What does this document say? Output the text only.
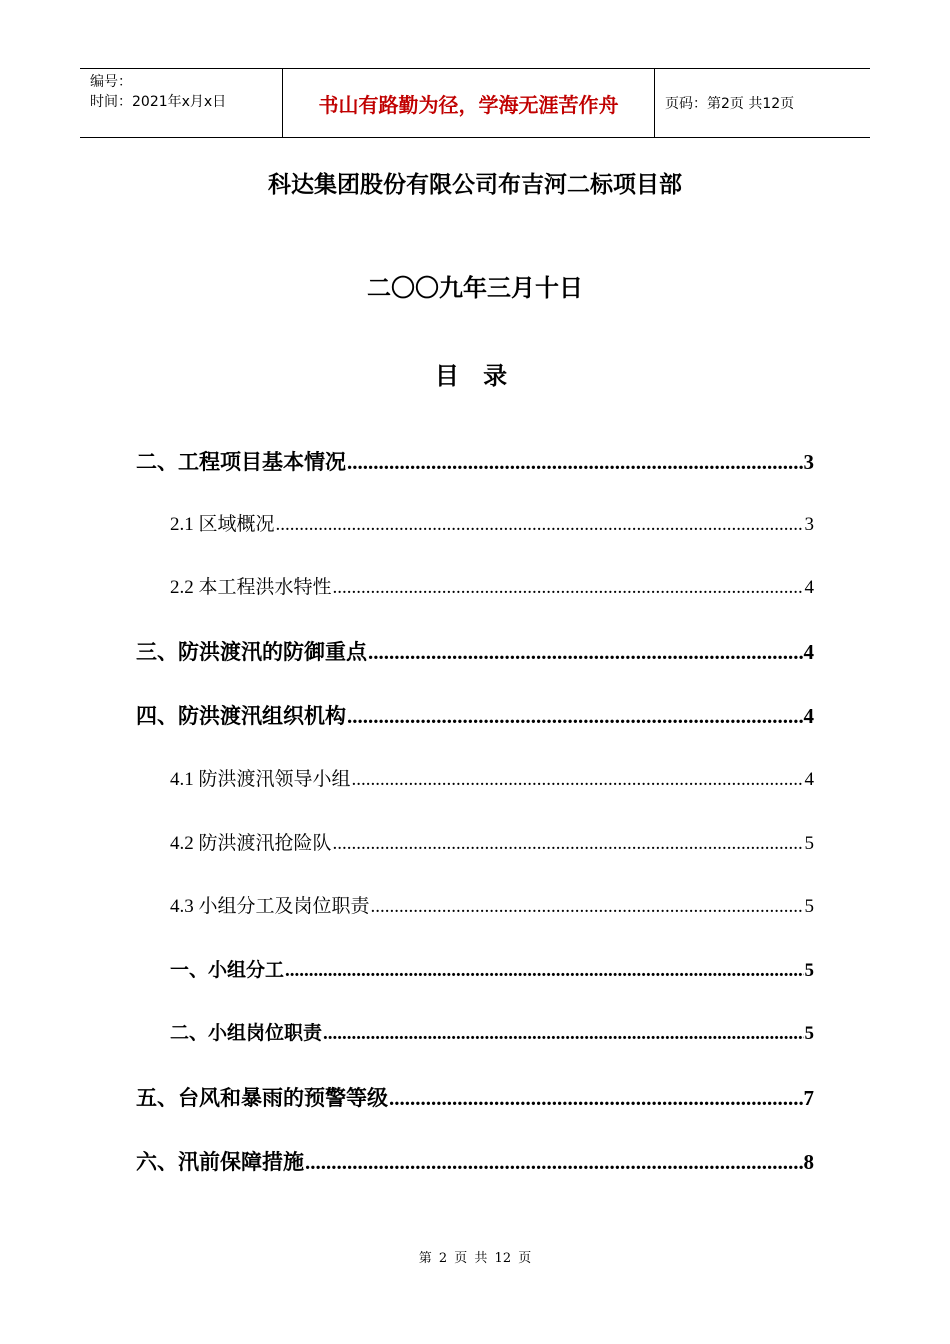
编号：
时间：2021年x月x日	书山有路勤为径，学海无涯苦作舟	页码：第2页 共12页
科达集团股份有限公司布吉河二标项目部
二〇〇九年三月十日
目 录
二、工程项目基本情况 .....	3
2.1 区域概况 .....	3
2.2 本工程洪水特性 .....	4
三、防洪渡汛的防御重点 .....	4
四、防洪渡汛组织机构 .....	4
4.1 防洪渡汛领导小组 .....	4
4.2 防洪渡汛抢险队 .....	5
4.3 小组分工及岗位职责 .....	5
一、小组分工 .....	5
二、小组岗位职责 .....	5
五、台风和暴雨的预警等级 .....	7
六、汛前保障措施 .....	8
第 2 页 共 12 页
